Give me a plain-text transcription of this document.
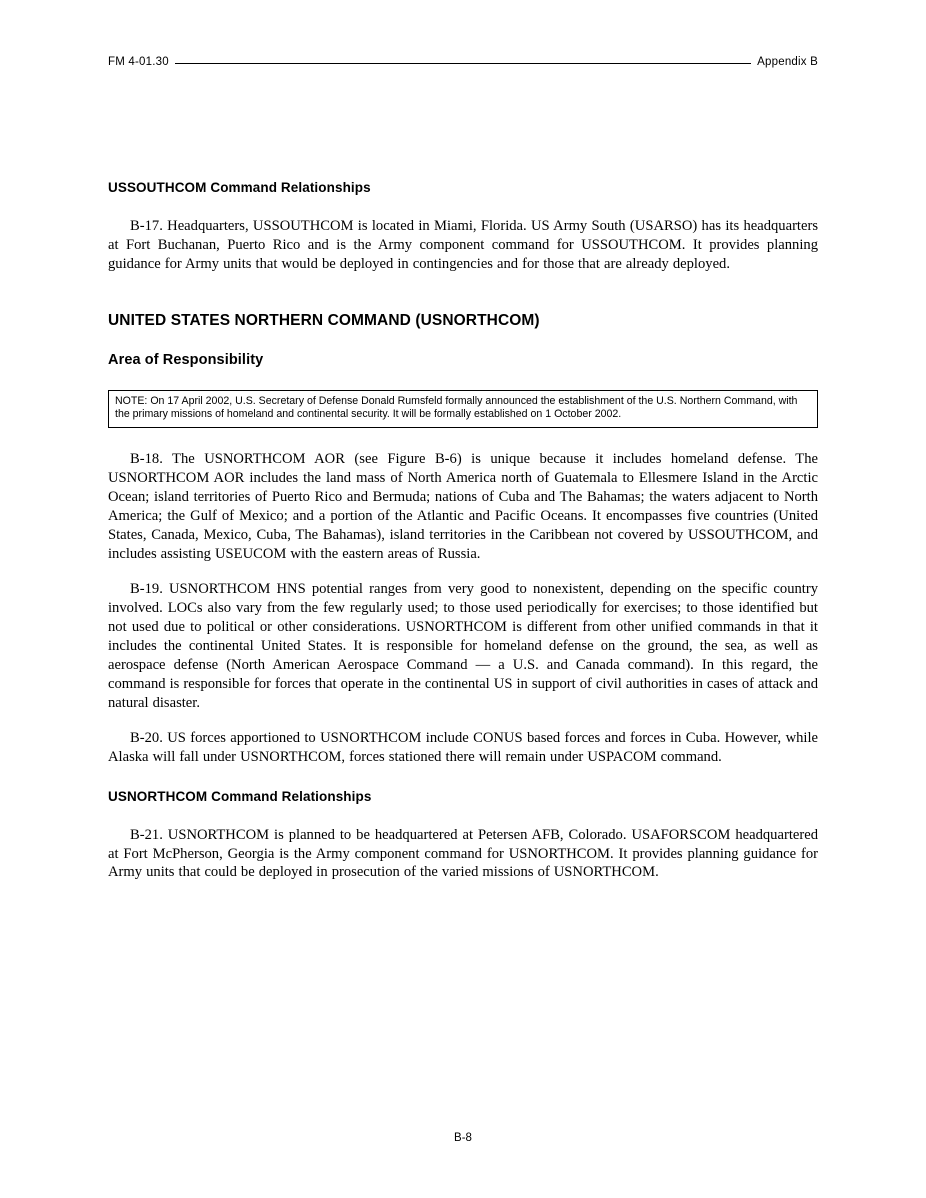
FM 4-01.30	Appendix B
USSOUTHCOM Command Relationships

B-17. Headquarters, USSOUTHCOM is located in Miami, Florida. US Army South (USARSO) has its headquarters at Fort Buchanan, Puerto Rico and is the Army component command for USSOUTHCOM. It provides planning guidance for Army units that would be deployed in contingencies and for those that are already deployed.

UNITED STATES NORTHERN COMMAND (USNORTHCOM)
Area of Responsibility

NOTE: On 17 April 2002, U.S. Secretary of Defense Donald Rumsfeld formally announced the establishment of the U.S. Northern Command, with the primary missions of homeland and continental security. It will be formally established on 1 October 2002.

B-18. The USNORTHCOM AOR (see Figure B-6) is unique because it includes homeland defense. The USNORTHCOM AOR includes the land mass of North America north of Guatemala to Ellesmere Island in the Arctic Ocean; island territories of Puerto Rico and Bermuda; nations of Cuba and The Bahamas; the waters adjacent to North America; the Gulf of Mexico; and a portion of the Atlantic and Pacific Oceans. It encompasses five countries (United States, Canada, Mexico, Cuba, The Bahamas), island territories in the Caribbean not covered by USSOUTHCOM, and includes assisting USEUCOM with the eastern areas of Russia.

B-19. USNORTHCOM HNS potential ranges from very good to nonexistent, depending on the specific country involved. LOCs also vary from the few regularly used; to those used periodically for exercises; to those identified but not used due to political or other considerations. USNORTHCOM is different from other unified commands in that it includes the continental United States. It is responsible for homeland defense on the ground, the sea, as well as aerospace defense (North American Aerospace Command — a U.S. and Canada command). In this regard, the command is responsible for forces that operate in the continental US in support of civil authorities in cases of attack and natural disaster.

B-20. US forces apportioned to USNORTHCOM include CONUS based forces and forces in Cuba. However, while Alaska will fall under USNORTHCOM, forces stationed there will remain under USPACOM command.

USNORTHCOM Command Relationships

B-21. USNORTHCOM is planned to be headquartered at Petersen AFB, Colorado. USAFORSCOM headquartered at Fort McPherson, Georgia is the Army component command for USNORTHCOM. It provides planning guidance for Army units that could be deployed in prosecution of the varied missions of USNORTHCOM.

B-8
